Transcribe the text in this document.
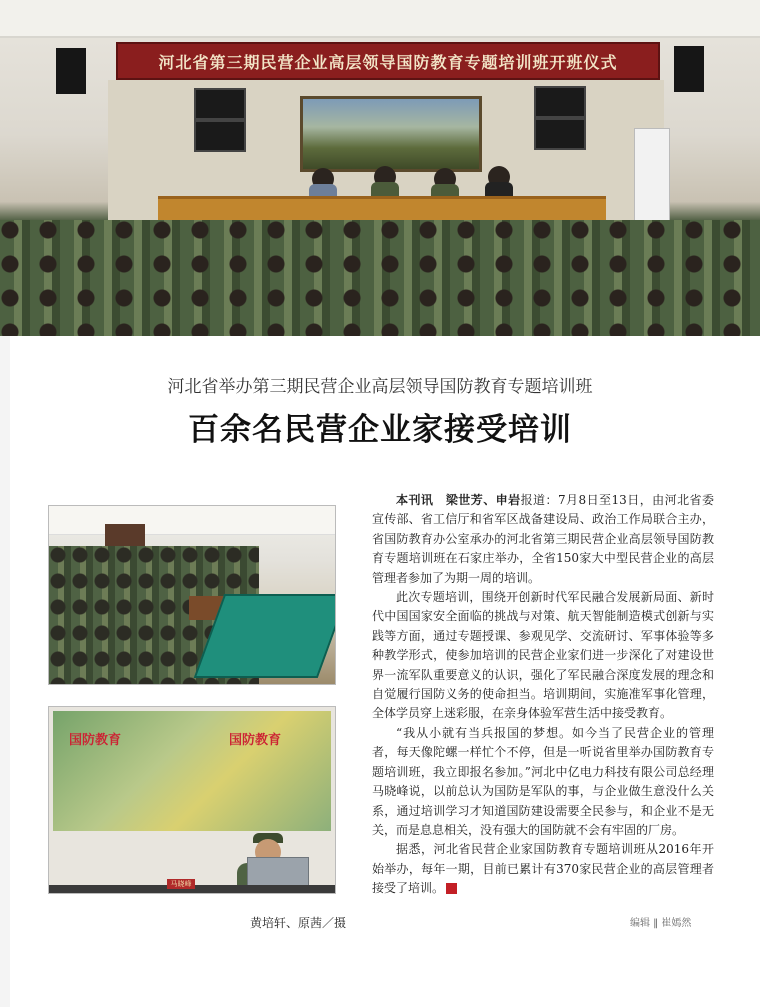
河北省第三期民营企业高层领导国防教育专题培训班开班仪式
河北省举办第三期民营企业高层领导国防教育专题培训班
百余名民营企业家接受培训
国防教育	国防教育
马晓峰
黄培轩、原茜／摄

本刊讯　梁世芳、申岩报道：7月8日至13日，由河北省委宣传部、省工信厅和省军区战备建设局、政治工作局联合主办，省国防教育办公室承办的河北省第三期民营企业高层领导国防教育专题培训班在石家庄举办，全省150家大中型民营企业的高层管理者参加了为期一周的培训。

此次专题培训，围绕开创新时代军民融合发展新局面、新时代中国国家安全面临的挑战与对策、航天智能制造模式创新与实践等方面，通过专题授课、参观见学、交流研讨、军事体验等多种教学形式，使参加培训的民营企业家们进一步深化了对建设世界一流军队重要意义的认识，强化了军民融合深度发展的理念和自觉履行国防义务的使命担当。培训期间，实施准军事化管理，全体学员穿上迷彩服，在亲身体验军营生活中接受教育。

“我从小就有当兵报国的梦想。如今当了民营企业的管理者，每天像陀螺一样忙个不停，但是一听说省里举办国防教育专题培训班，我立即报名参加。”河北中亿电力科技有限公司总经理马晓峰说，以前总认为国防是军队的事，与企业做生意没什么关系，通过培训学习才知道国防建设需要全民参与，和企业不是无关，而是息息相关，没有强大的国防就不会有牢固的厂房。

据悉，河北省民营企业家国防教育专题培训班从2016年开始举办，每年一期，目前已累计有370家民营企业的高层管理者接受了培训。	G

编辑 ‖ 崔嫣然
